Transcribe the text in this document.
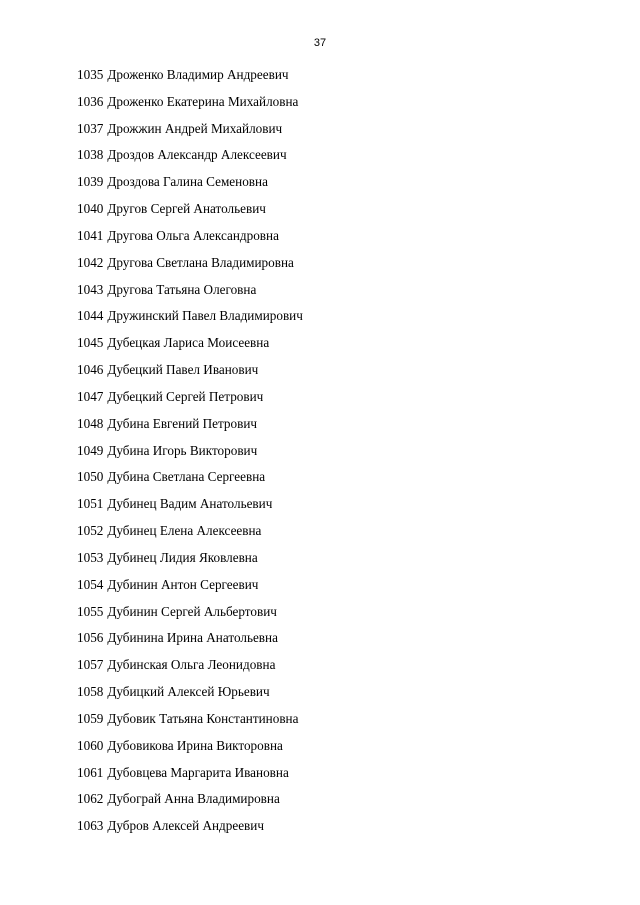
37
1035 Дроженко Владимир Андреевич
1036 Дроженко Екатерина Михайловна
1037 Дрожжин Андрей Михайлович
1038 Дроздов Александр Алексеевич
1039 Дроздова Галина Семеновна
1040 Другов Сергей Анатольевич
1041 Другова Ольга Александровна
1042 Другова Светлана Владимировна
1043 Другова Татьяна Олеговна
1044 Дружинский Павел Владимирович
1045 Дубецкая Лариса Моисеевна
1046 Дубецкий Павел Иванович
1047 Дубецкий Сергей Петрович
1048 Дубина Евгений Петрович
1049 Дубина Игорь Викторович
1050 Дубина Светлана Сергеевна
1051 Дубинец Вадим Анатольевич
1052 Дубинец Елена Алексеевна
1053 Дубинец Лидия Яковлевна
1054 Дубинин Антон Сергеевич
1055 Дубинин Сергей Альбертович
1056 Дубинина Ирина Анатольевна
1057 Дубинская Ольга Леонидовна
1058 Дубицкий Алексей Юрьевич
1059 Дубовик Татьяна Константиновна
1060 Дубовикова Ирина Викторовна
1061 Дубовцева Маргарита Ивановна
1062 Дубограй Анна Владимировна
1063 Дубров Алексей Андреевич
